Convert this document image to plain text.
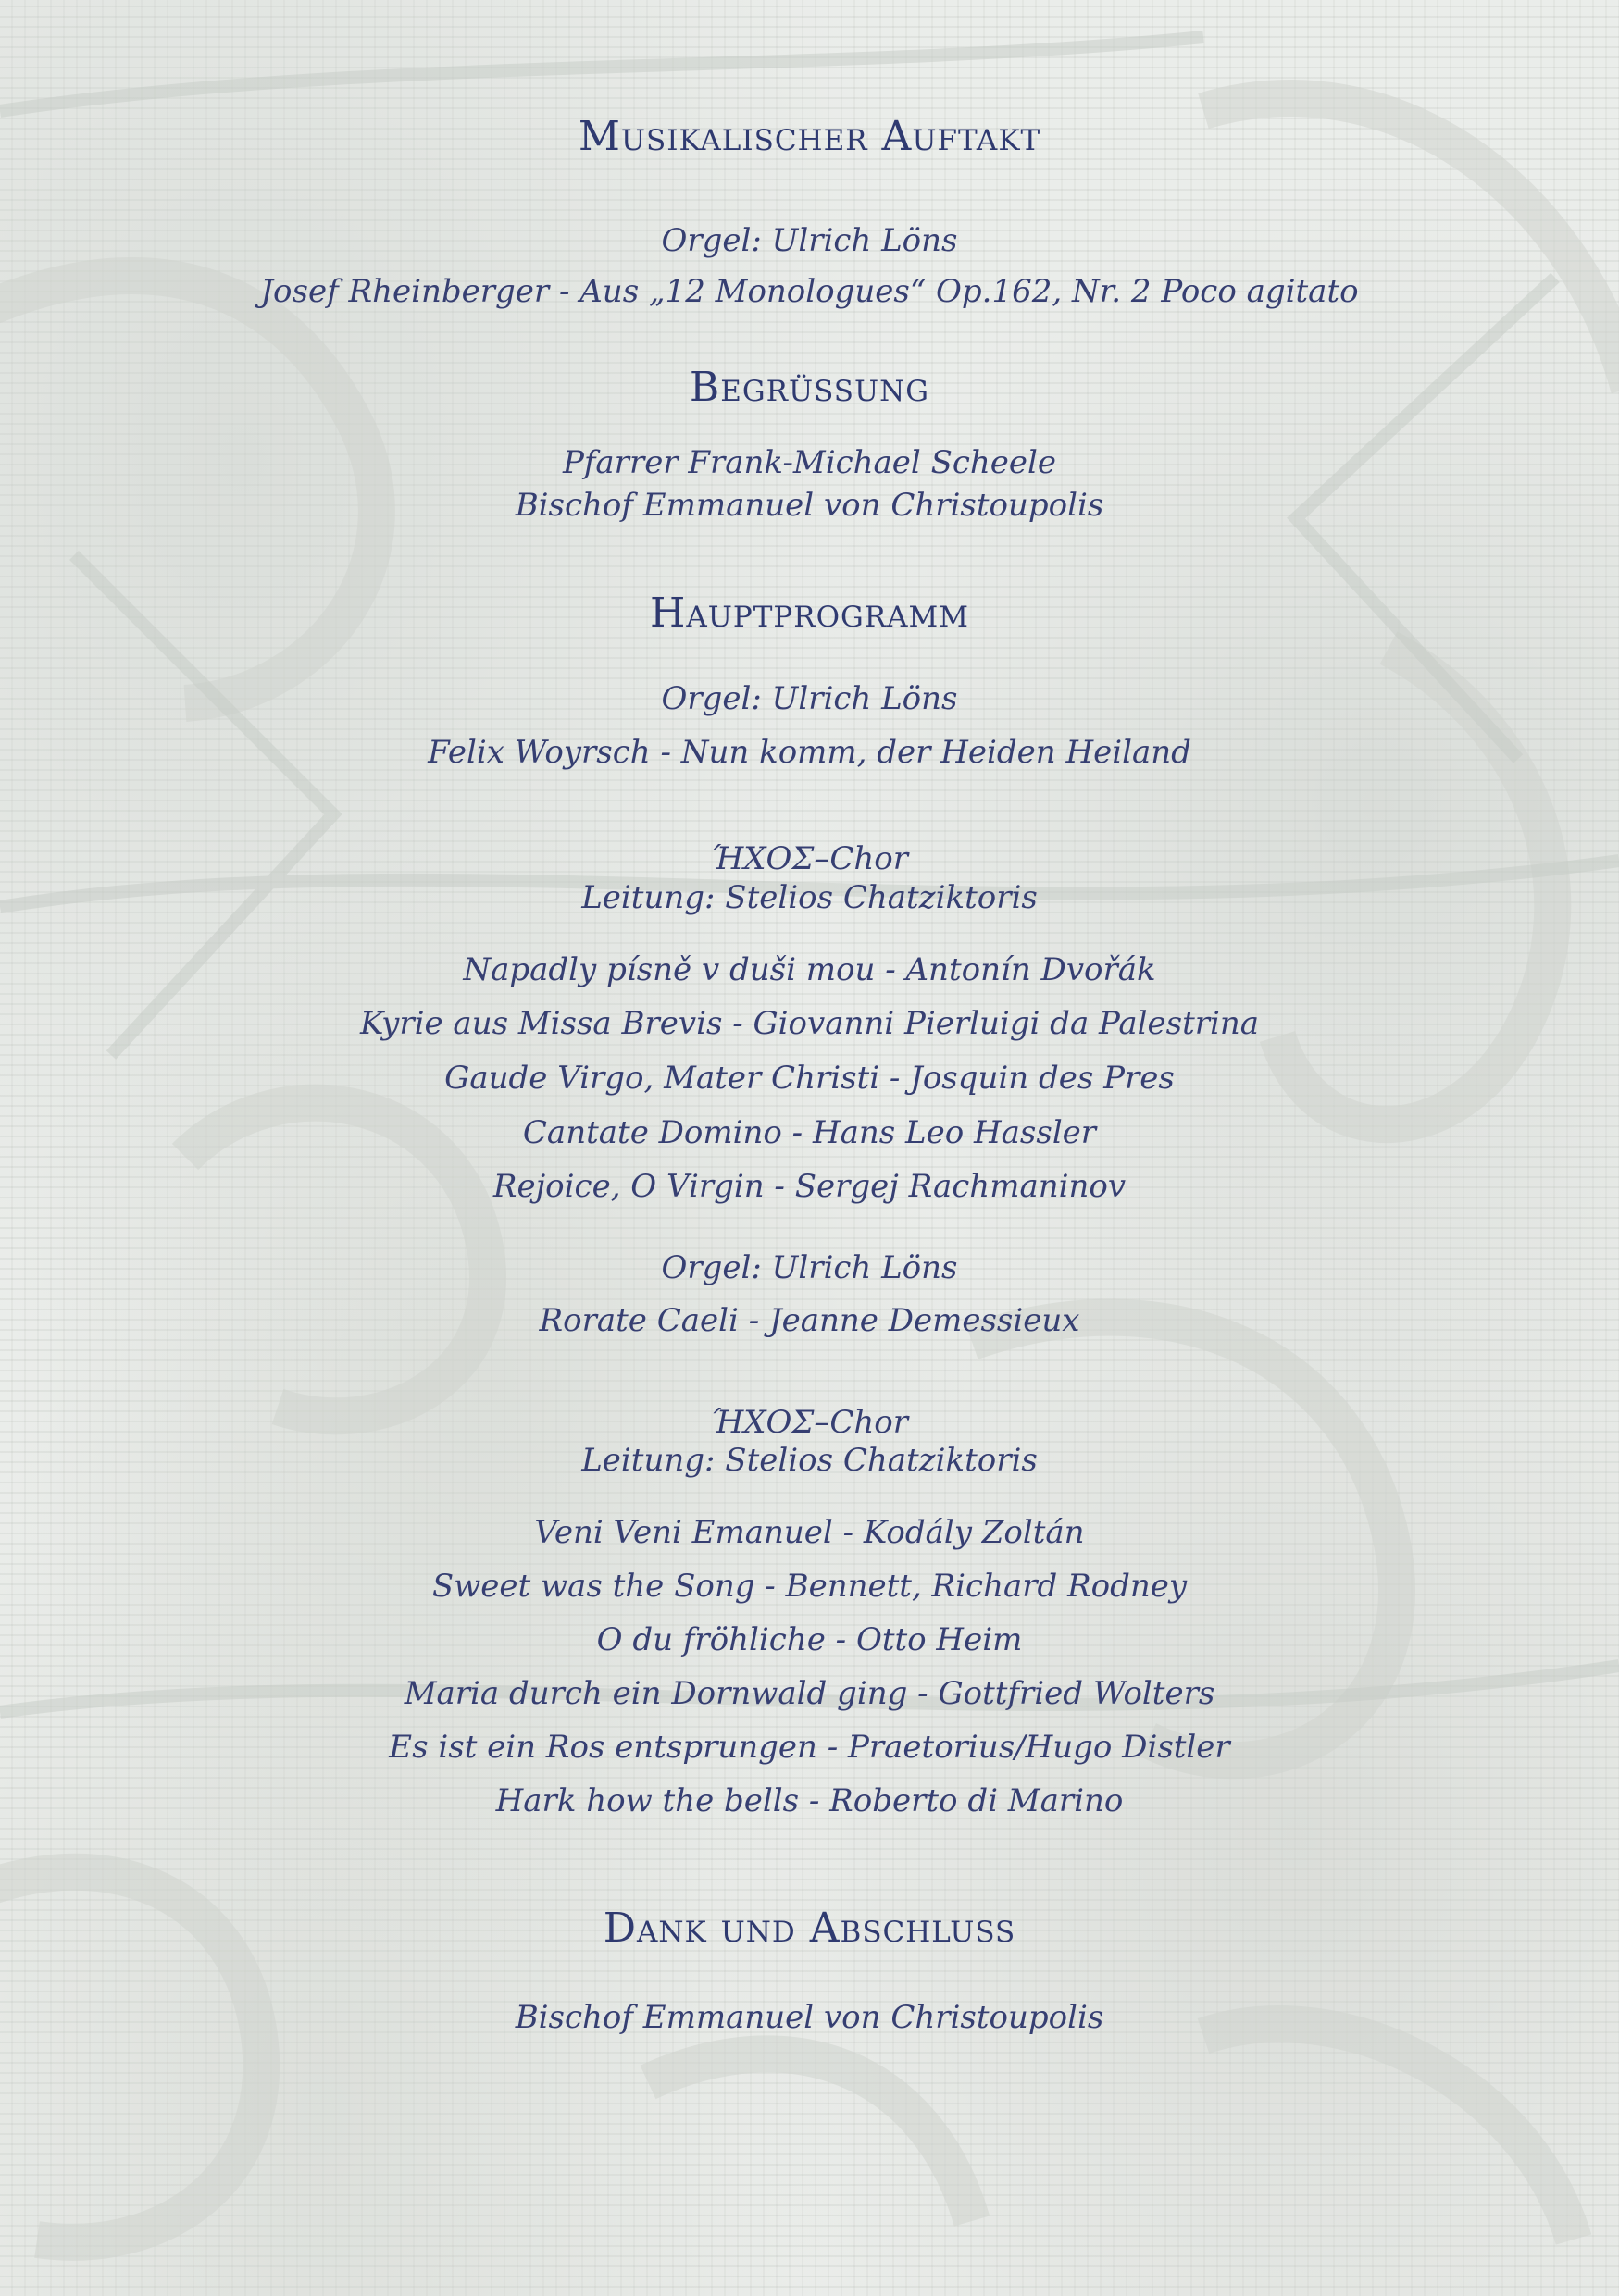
Musikalischer Auftakt

Orgel: Ulrich Löns

Josef Rheinberger - Aus „12 Monologues“ Op.162, Nr. 2 Poco agitato

Begrüssung

Pfarrer Frank-Michael Scheele

Bischof Emmanuel von Christoupolis

Hauptprogramm

Orgel: Ulrich Löns

Felix Woyrsch - Nun komm, der Heiden Heiland

ΉΧΟΣ–Chor

Leitung: Stelios Chatziktoris

Napadly písně v duši mou - Antonín Dvořák

Kyrie aus Missa Brevis - Giovanni Pierluigi da Palestrina

Gaude Virgo, Mater Christi - Josquin des Pres

Cantate Domino - Hans Leo Hassler

Rejoice, O Virgin - Sergej Rachmaninov

Orgel: Ulrich Löns

Rorate Caeli - Jeanne Demessieux

ΉΧΟΣ–Chor

Leitung: Stelios Chatziktoris

Veni Veni Emanuel - Kodály Zoltán

Sweet was the Song - Bennett, Richard Rodney

O du fröhliche - Otto Heim

Maria durch ein Dornwald ging - Gottfried Wolters

Es ist ein Ros entsprungen - Praetorius/Hugo Distler

Hark how the bells - Roberto di Marino

Dank und Abschluss

Bischof Emmanuel von Christoupolis
